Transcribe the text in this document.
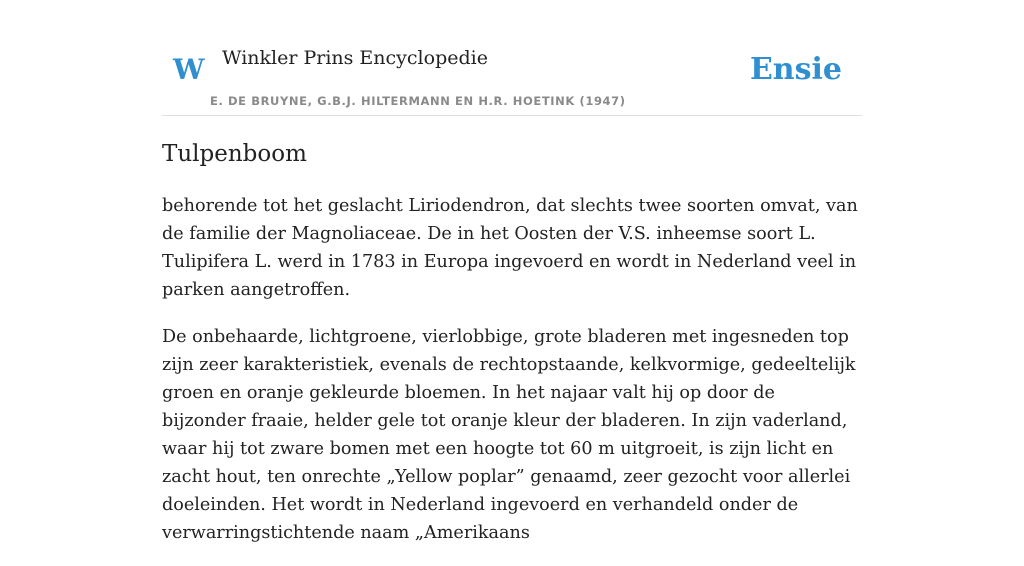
W Winkler Prins Encyclopedie
E. DE BRUYNE, G.B.J. HILTERMANN EN H.R. HOETINK (1947)
Ensie
Tulpenboom

behorende tot het geslacht Liriodendron, dat slechts twee soorten omvat, van de familie der Magnoliaceae. De in het Oosten der V.S. inheemse soort L. Tulipifera L. werd in 1783 in Europa ingevoerd en wordt in Nederland veel in parken aangetroffen.

De onbehaarde, lichtgroene, vierlobbige, grote bladeren met ingesneden top zijn zeer karakteristiek, evenals de rechtopstaande, kelkvormige, gedeeltelijk groen en oranje gekleurde bloemen. In het najaar valt hij op door de bijzonder fraaie, helder gele tot oranje kleur der bladeren. In zijn vaderland, waar hij tot zware bomen met een hoogte tot 60 m uitgroeit, is zijn licht en zacht hout, ten onrechte „Yellow poplar” genaamd, zeer gezocht voor allerlei doeleinden. Het wordt in Nederland ingevoerd en verhandeld onder de verwarringstichtende naam „Amerikaans
